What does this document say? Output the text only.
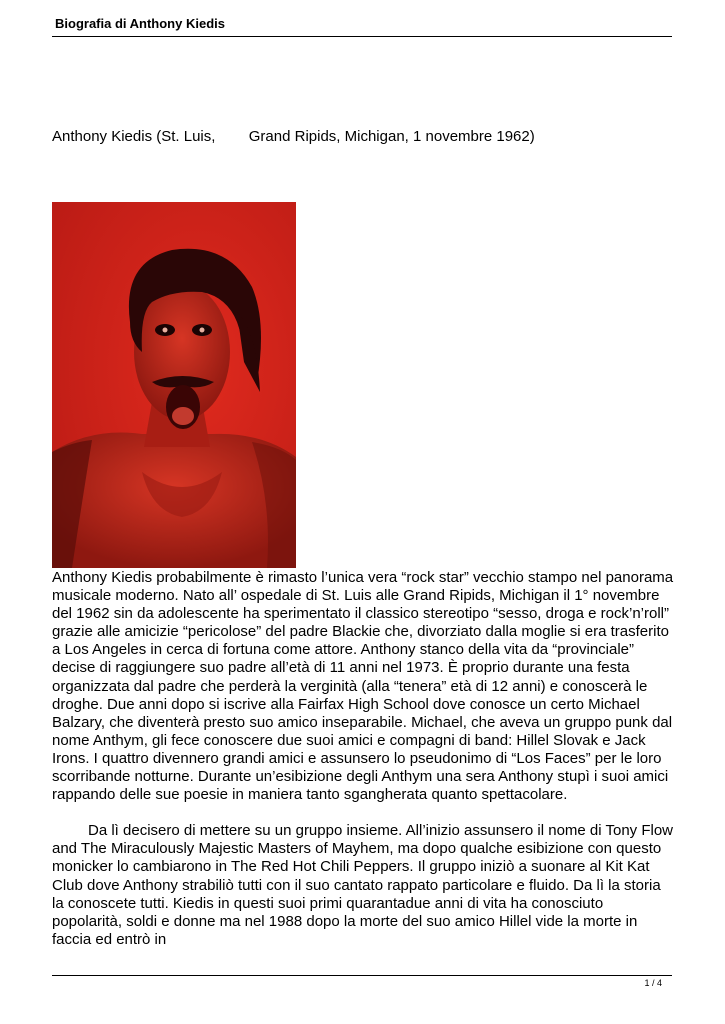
Biografia di Anthony Kiedis
Anthony Kiedis (St. Luis,        Grand Ripids, Michigan, 1 novembre 1962)

Anthony Kiedis probabilmente è rimasto l’unica vera “rock star” vecchio stampo nel panorama musicale moderno. Nato all’ ospedale di St. Luis alle Grand Ripids, Michigan il 1° novembre del 1962 sin da adolescente ha sperimentato il classico stereotipo “sesso, droga e rock’n’roll” grazie alle amicizie “pericolose” del padre Blackie che, divorziato dalla moglie si era trasferito a Los Angeles in cerca di fortuna come attore. Anthony stanco della vita da “provinciale” decise di raggiungere suo padre all’età di 11 anni nel 1973. È proprio durante una festa organizzata dal padre che perderà la verginità (alla “tenera” età di 12 anni) e conoscerà le droghe. Due anni dopo si iscrive alla Fairfax High School dove conosce un certo Michael Balzary, che diventerà presto suo amico inseparabile. Michael, che aveva un gruppo punk dal nome Anthym, gli fece conoscere due suoi amici e compagni di band: Hillel Slovak e Jack Irons. I quattro divennero grandi amici e assunsero lo pseudonimo di “Los Faces” per le loro scorribande notturne. Durante un’esibizione degli Anthym una sera Anthony stupì i suoi amici rappando delle sue poesie in maniera tanto sgangherata quanto spettacolare.

Da lì decisero di mettere su un gruppo insieme. All’inizio assunsero il nome di Tony Flow and The Miraculously Majestic Masters of Mayhem, ma dopo qualche esibizione con questo monicker lo cambiarono in The Red Hot Chili Peppers. Il gruppo iniziò a suonare al Kit Kat Club dove Anthony strabiliò tutti con il suo cantato rappato particolare e fluido. Da lì la storia la conoscete tutti. Kiedis in questi suoi primi quarantadue anni di vita ha conosciuto popolarità, soldi e donne ma nel 1988 dopo la morte del suo amico Hillel vide la morte in faccia ed entrò in

1 / 4
